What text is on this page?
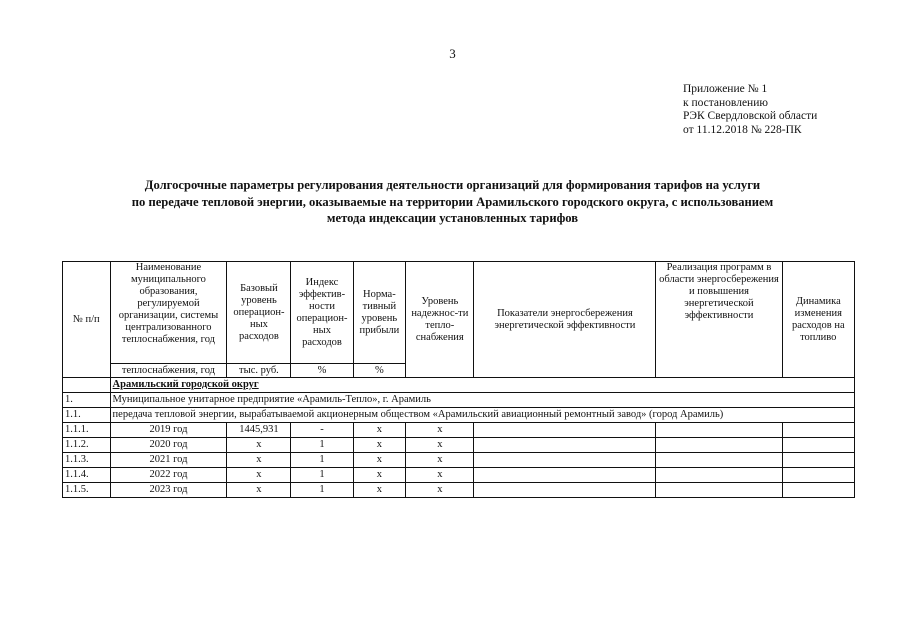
3
Приложение № 1
к постановлению
РЭК Свердловской области
от 11.12.2018 № 228-ПК
Долгосрочные параметры регулирования деятельности организаций для формирования тарифов на услуги
по передаче тепловой энергии, оказываемые на территории Арамильского городского округа, с использованием
метода индексации установленных тарифов
№ п/п	Наименование муниципального образования, регулируемой организации, системы централизованного теплоснабжения, год	Базовый уровень операцион-ных расходов	Индекс эффектив-ности операцион-ных расходов	Норма-тивный уровень прибыли	Уровень надежнос-ти тепло-снабжения	Показатели энергосбережения энергетической эффективности	Реализация программ в области энергосбережения и повышения энергетической эффективности	Динамика изменения расходов на топливо
	теплоснабжения, год	тыс. руб.	%	%				
	Арамильский городской округ							
1.	Муниципальное унитарное предприятие «Арамиль-Тепло», г. Арамиль							
1.1.	передача тепловой энергии, вырабатываемой акционерным обществом «Арамильский авиационный ремонтный завод» (город Арамиль)							
1.1.1.	2019 год	1445,931	-	x	x			
1.1.2.	2020 год	x	1	x	x			
1.1.3.	2021 год	x	1	x	x			
1.1.4.	2022 год	x	1	x	x			
1.1.5.	2023 год	x	1	x	x			
